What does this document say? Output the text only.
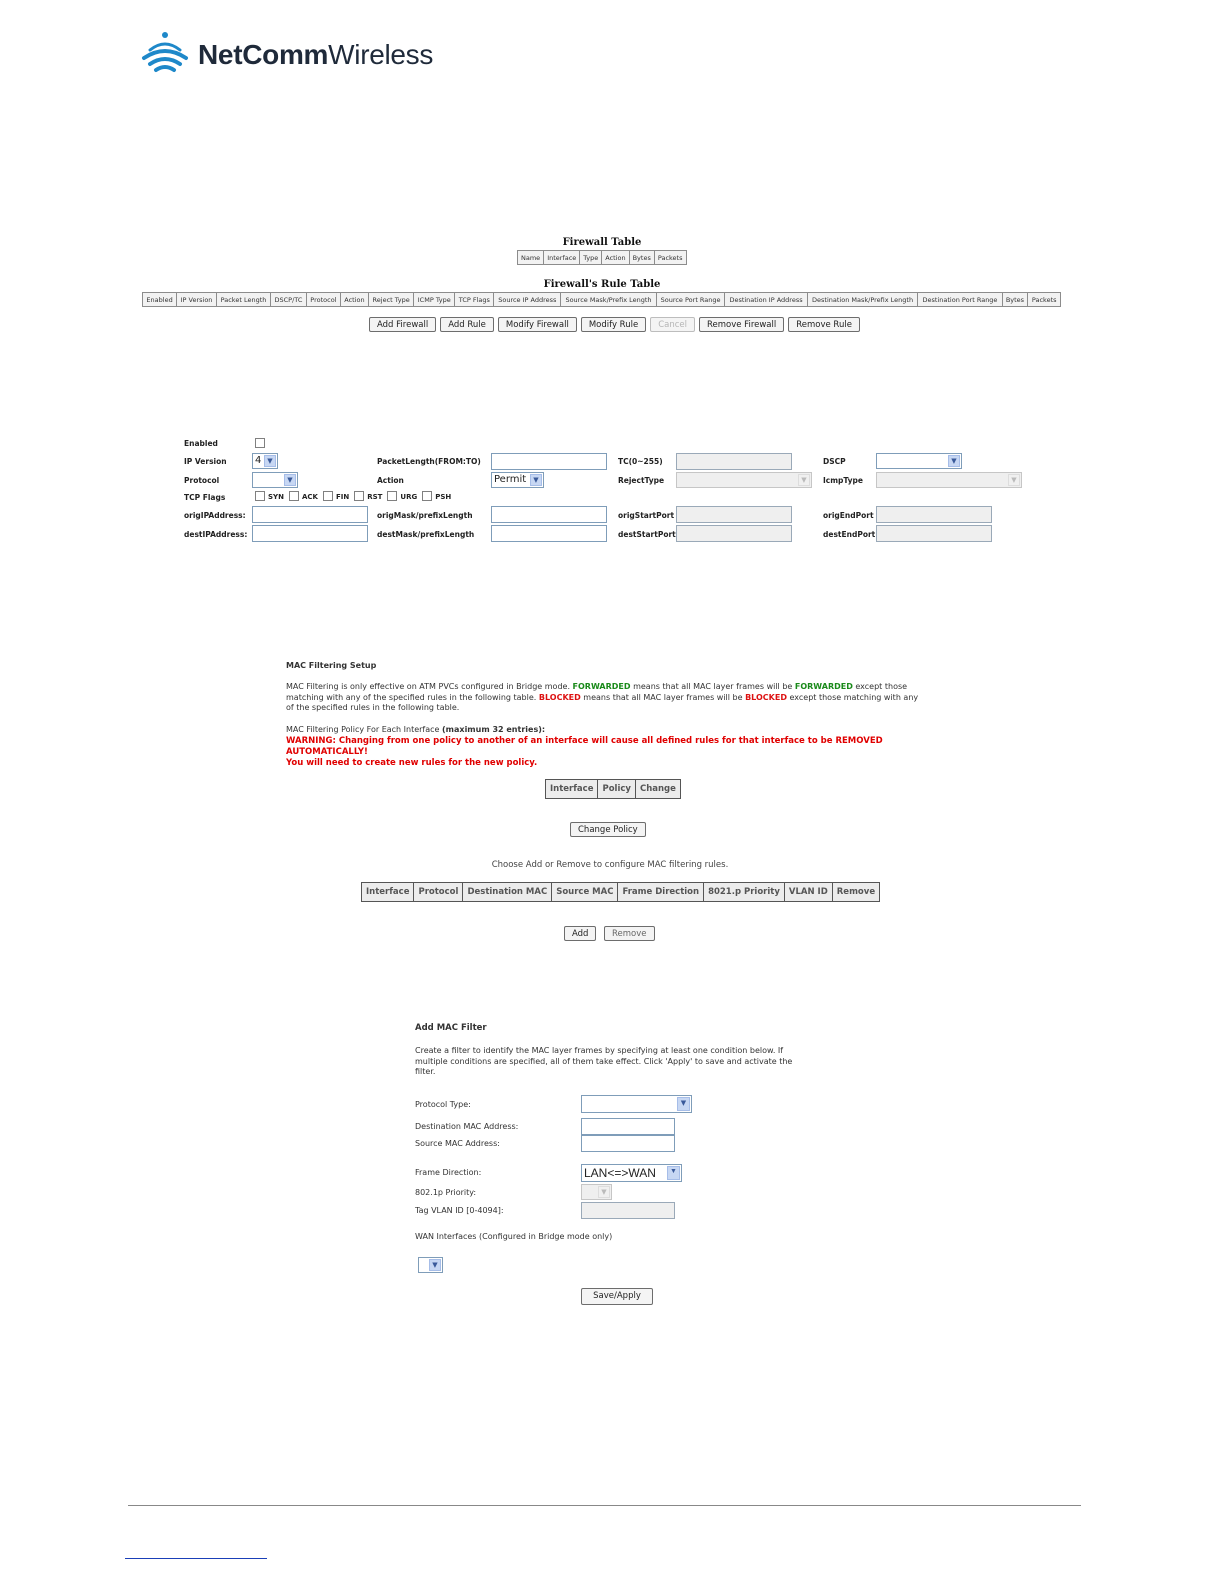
NetCommWireless
Firewall Table
Name	Interface	Type	Action	Bytes	Packets
Firewall's Rule Table
Enabled	IP Version	Packet Length	DSCP/TC	Protocol	Action	Reject Type	ICMP Type	TCP Flags	Source IP Address	Source Mask/Prefix Length	Source Port Range	Destination IP Address	Destination Mask/Prefix Length	Destination Port Range	Bytes	Packets
Add Firewall	Add Rule	Modify Firewall	Modify Rule	Cancel	Remove Firewall	Remove Rule
Enabled
IP Version	4 ▼	PacketLength(FROM:TO)	TC(0~255)	DSCP	▼
Protocol	▼	Action	Permit	▼	RejectType	▼	IcmpType	▼
TCP Flags	SYN	ACK	FIN	RST	URG	PSH
origIPAddress:	origMask/prefixLength	origStartPort	origEndPort
destIPAddress:	destMask/prefixLength	destStartPort	destEndPort
MAC Filtering Setup
MAC Filtering is only effective on ATM PVCs configured in Bridge mode. FORWARDED means that all MAC layer frames will be FORWARDED except those matching with any of the specified rules in the following table. BLOCKED means that all MAC layer frames will be BLOCKED except those matching with any of the specified rules in the following table.
MAC Filtering Policy For Each Interface (maximum 32 entries):
WARNING: Changing from one policy to another of an interface will cause all defined rules for that interface to be REMOVED AUTOMATICALLY!
You will need to create new rules for the new policy.
Interface	Policy	Change
Change Policy
Choose Add or Remove to configure MAC filtering rules.
Interface	Protocol	Destination MAC	Source MAC	Frame Direction	8021.p Priority	VLAN ID	Remove
Add	Remove
Add MAC Filter
Create a filter to identify the MAC layer frames by specifying at least one condition below. If multiple conditions are specified, all of them take effect. Click 'Apply' to save and activate the filter.
Protocol Type:	▼
Destination MAC Address:
Source MAC Address:
Frame Direction:	LAN<=>WAN	▼
802.1p Priority:	▼
Tag VLAN ID [0-4094]:
WAN Interfaces (Configured in Bridge mode only)
▼
Save/Apply
